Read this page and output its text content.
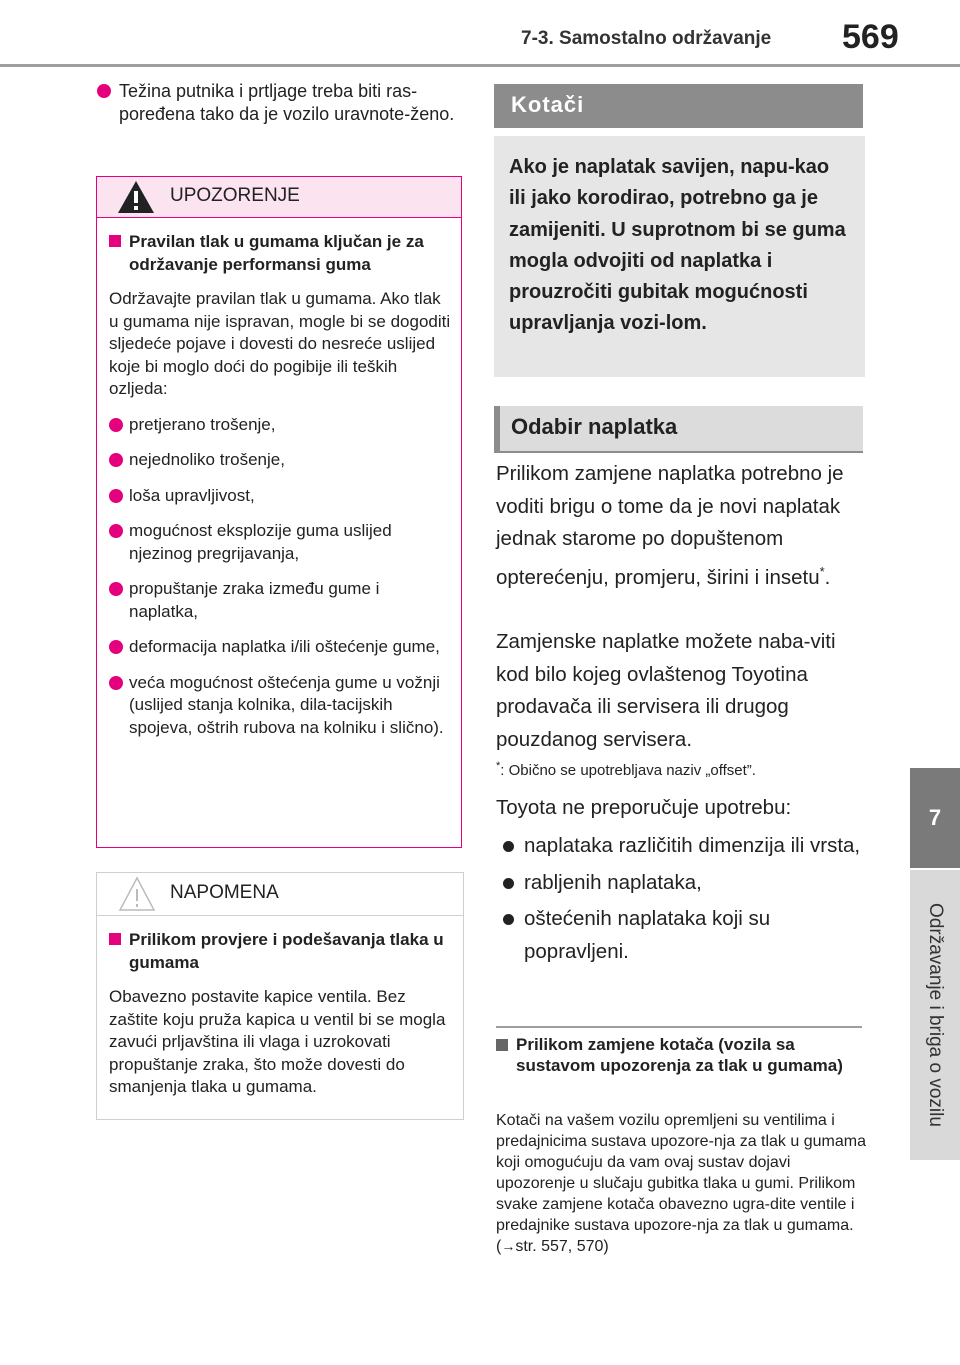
7-3. Samostalno održavanje 569
7
Održavanje i briga o vozilu
Težina putnika i prtljage treba biti ras-poređena tako da je vozilo uravnote-ženo.
UPOZORENJE
Pravilan tlak u gumama ključan je za održavanje performansi guma
Održavajte pravilan tlak u gumama. Ako tlak u gumama nije ispravan, mogle bi se dogoditi sljedeće pojave i dovesti do nesreće uslijed koje bi moglo doći do pogibije ili teških ozljeda:
pretjerano trošenje,
nejednoliko trošenje,
loša upravljivost,
mogućnost eksplozije guma uslijed njezinog pregrijavanja,
propuštanje zraka između gume i naplatka,
deformacija naplatka i/ili oštećenje gume,
veća mogućnost oštećenja gume u vožnji (uslijed stanja kolnika, dila-tacijskih spojeva, oštrih rubova na kolniku i slično).
NAPOMENA
Prilikom provjere i podešavanja tlaka u gumama
Obavezno postavite kapice ventila. Bez zaštite koju pruža kapica u ventil bi se mogla zavući prljavština ili vlaga i uzrokovati propuštanje zraka, što može dovesti do smanjenja tlaka u gumama.
Kotači

Ako je naplatak savijen, napu-kao ili jako korodirao, potrebno ga je zamijeniti. U suprotnom bi se guma mogla odvojiti od naplatka i prouzročiti gubitak mogućnosti upravljanja vozi-lom.

Odabir naplatka

Prilikom zamjene naplatka potrebno je voditi brigu o tome da je novi naplatak jednak starome po dopuštenom opterećenju, promjeru, širini i insetu*.

Zamjenske naplatke možete naba-viti kod bilo kojeg ovlaštenog Toyotina prodavača ili servisera ili drugog pouzdanog servisera.

*: Obično se upotrebljava naziv „offset”.

Toyota ne preporučuje upotrebu:

naplataka različitih dimenzija ili vrsta,
rabljenih naplataka,
oštećenih naplataka koji su popravljeni.
Prilikom zamjene kotača (vozila sa sustavom upozorenja za tlak u gumama)
Kotači na vašem vozilu opremljeni su ventilima i predajnicima sustava upozore-nja za tlak u gumama koji omogućuju da vam ovaj sustav dojavi upozorenje u slučaju gubitka tlaka u gumi. Prilikom svake zamjene kotača obavezno ugra-dite ventile i predajnike sustava upozore-nja za tlak u gumama. (→str. 557, 570)
